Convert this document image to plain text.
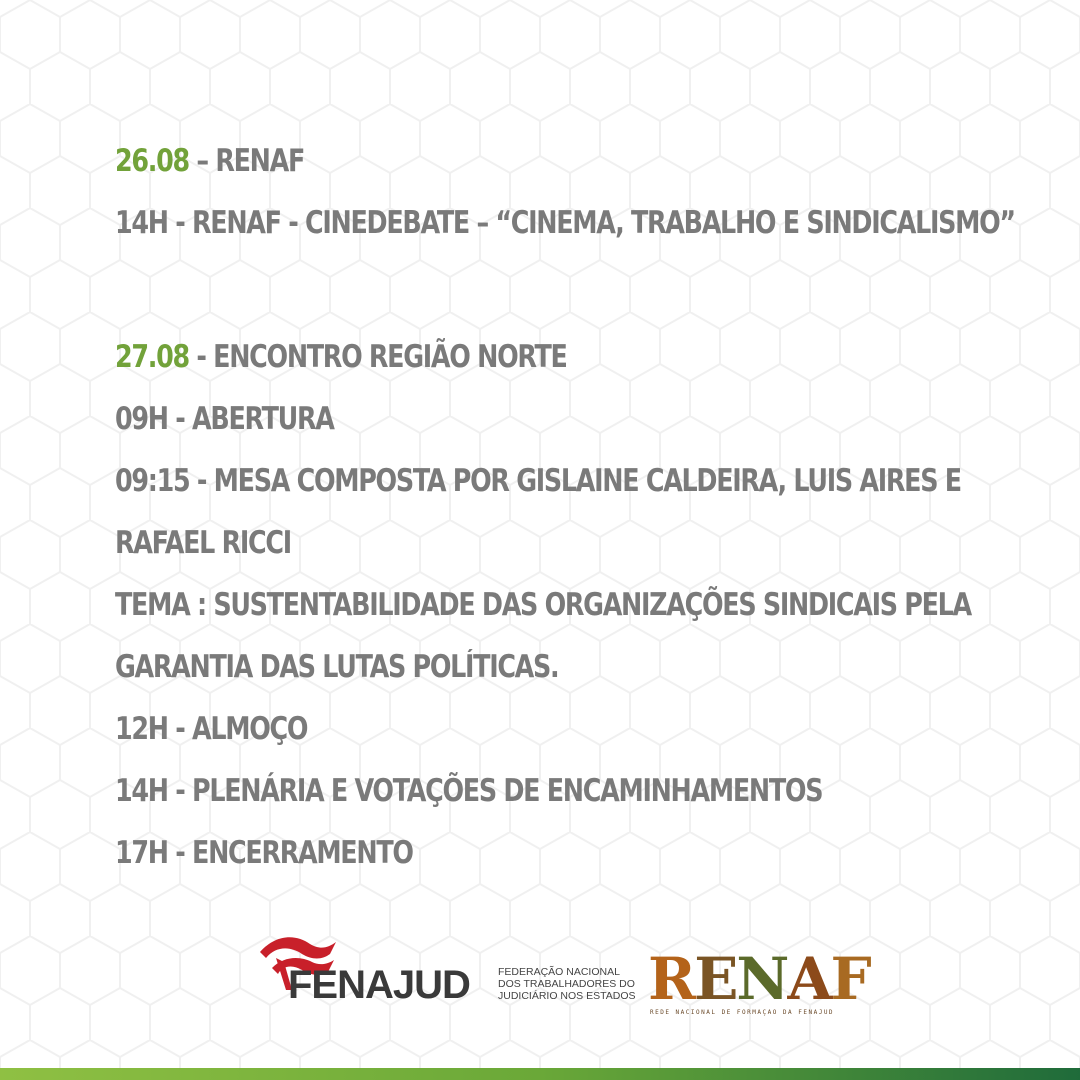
26.08 – RENAF
14H - RENAF - CINEDEBATE – “CINEMA, TRABALHO E SINDICALISMO”
27.08 - ENCONTRO REGIÃO NORTE
09H - ABERTURA
09:15 - MESA COMPOSTA POR GISLAINE CALDEIRA, LUIS AIRES E
RAFAEL RICCI
TEMA : SUSTENTABILIDADE DAS ORGANIZAÇÕES SINDICAIS PELA
GARANTIA DAS LUTAS POLÍTICAS.
12H - ALMOÇO
14H - PLENÁRIA E VOTAÇÕES DE ENCAMINHAMENTOS
17H - ENCERRAMENTO
FENAJUD	FEDERAÇÃO NACIONAL
DOS TRABALHADORES DO
JUDICIÁRIO NOS ESTADOS RENAF
REDE NACIONAL DE FORMAÇÃO DA FENAJUD
